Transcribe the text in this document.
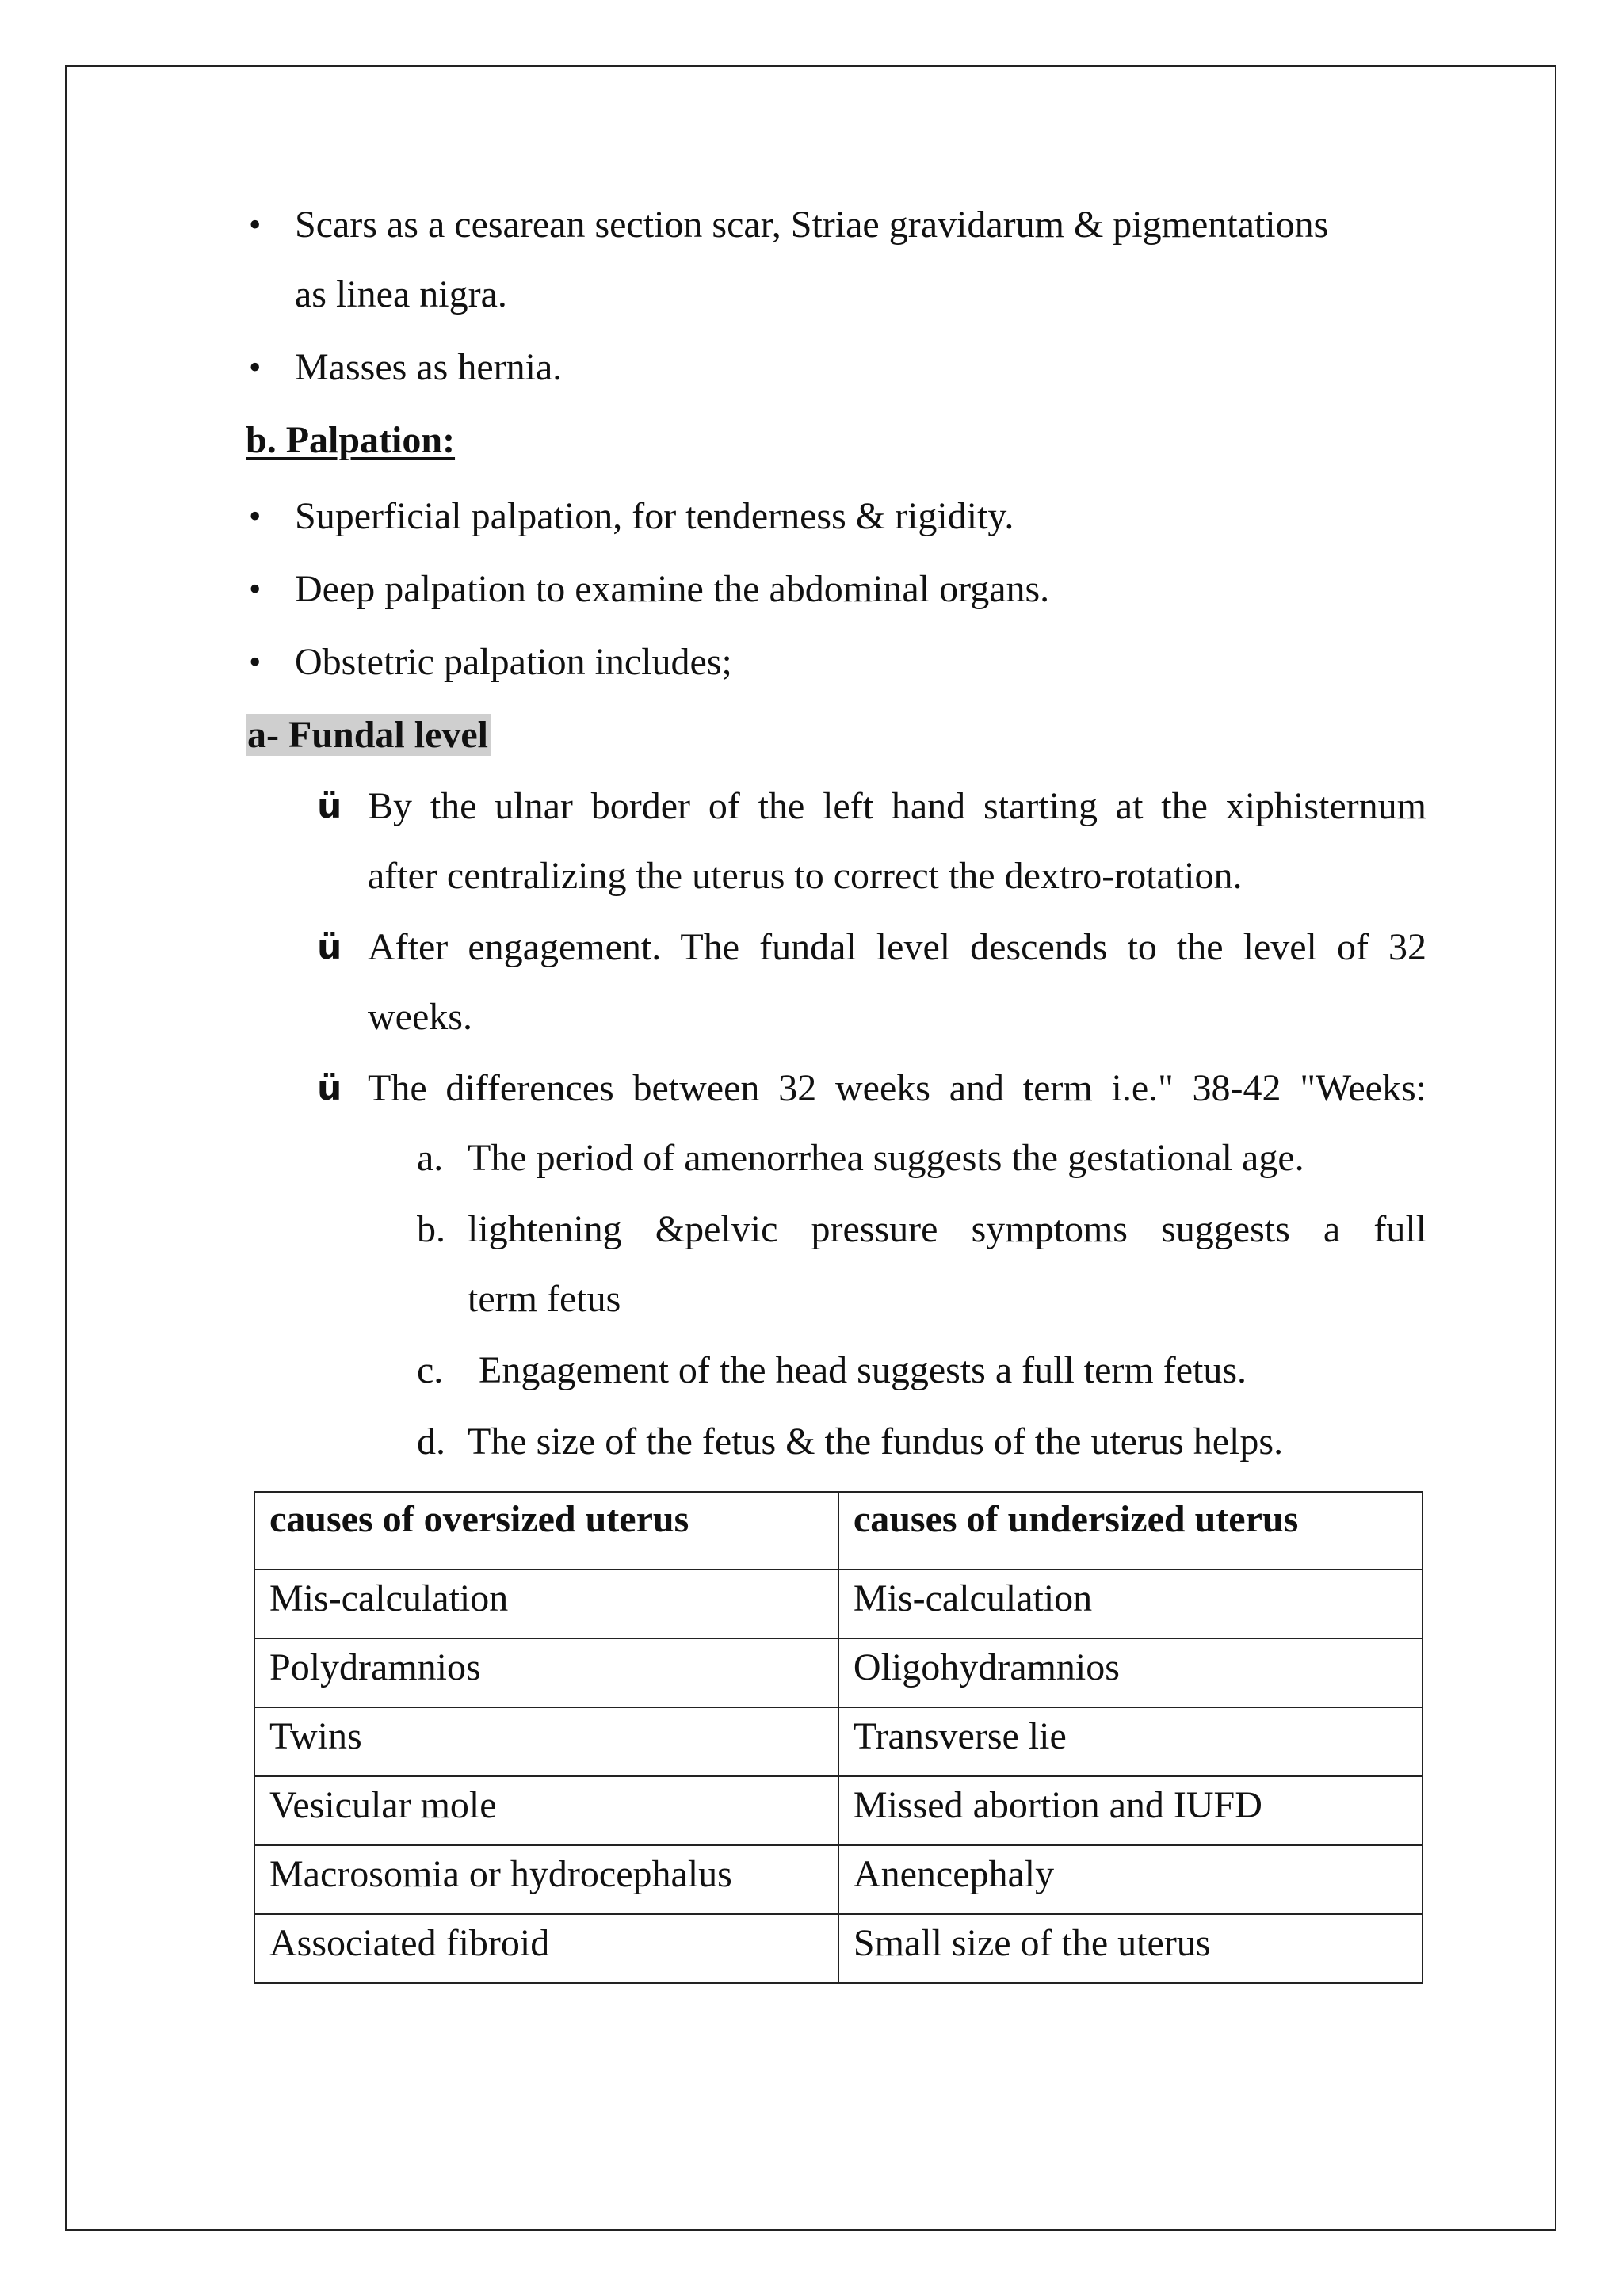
• Scars as a cesarean section scar, Striae gravidarum & pigmentations
as linea nigra.
• Masses as hernia.
b. Palpation:
• Superficial palpation, for tenderness & rigidity.
• Deep palpation to examine the abdominal organs.
• Obstetric palpation includes;
a- Fundal level
ü By the ulnar border of the left hand starting at the xiphisternum
after centralizing the uterus to correct the dextro-rotation.
ü After engagement. The fundal level descends to the level of 32
weeks.
ü The differences between 32 weeks and term i.e." 38-42 "Weeks:
a. The period of amenorrhea suggests the gestational age.
b. lightening &pelvic pressure symptoms suggests a full
term fetus
c. Engagement of the head suggests a full term fetus.
d. The size of the fetus & the fundus of the uterus helps.
causes of oversized uterus	causes of undersized uterus
Mis-calculation	Mis-calculation
Polydramnios	Oligohydramnios
Twins	Transverse lie
Vesicular mole	Missed abortion and IUFD
Macrosomia or hydrocephalus	Anencephaly
Associated fibroid	Small size of the uterus
